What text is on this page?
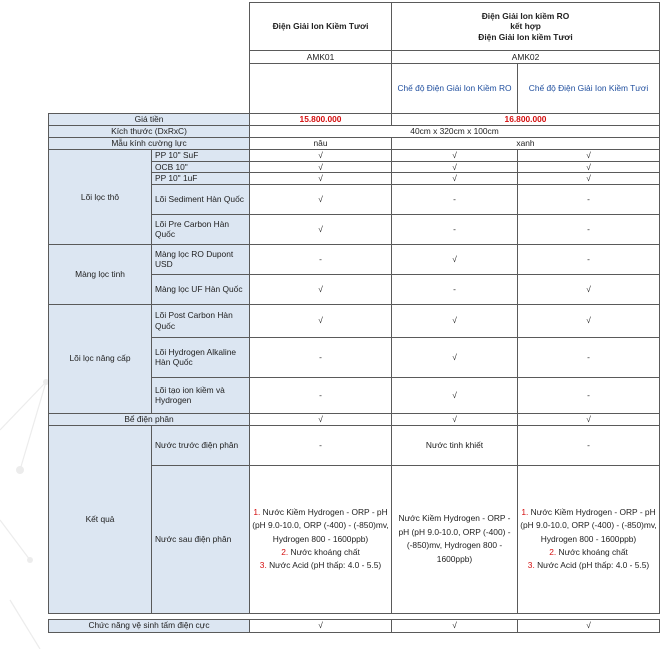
		Điện Giải Ion Kiềm Tươi	Điện Giải Ion kiềm RO
kết hợp
Điện Giải Ion kiềm Tươi	

		AMK01	AMK02	
			Chế độ Điện Giải Ion Kiềm RO	Chế độ Điện Giải Ion Kiềm Tươi
Giá tiền		15.800.000	16.800.000	
Kích thước (DxRxC)		40cm x 320cm x 100cm		
Mẫu kính cường lực		nâu	xanh	
Lõi lọc thô	PP 10" SuF	√	√	√
	OCB 10"	√	√	√
	PP 10" 1uF	√	√	√
	Lõi Sediment Hàn Quốc	√	-	-
	Lõi Pre Carbon Hàn Quốc	√	-	-
Màng lọc tinh	Màng lọc RO Dupont USD	-	√	-
	Màng lọc UF Hàn Quốc	√	-	√
Lõi lọc nâng cấp	Lõi Post Carbon Hàn Quốc	√	√	√
	Lõi Hydrogen Alkaline Hàn Quốc	-	√	-
	Lõi tạo ion kiềm và Hydrogen	-	√	-
Bể điện phân		√	√	√
Kết quả	Nước trước điện phân	-	Nước tinh khiết	-
	Nước sau điện phân	1. Nước Kiềm Hydrogen - ORP - pH (pH 9.0-10.0, ORP (-400) - (-850)mv, Hydrogen 800 - 1600ppb)
2. Nước khoáng chất
3. Nước Acid (pH thấp: 4.0 - 5.5)	Nước Kiềm Hydrogen - ORP - pH (pH 9.0-10.0, ORP (-400) - (-850)mv, Hydrogen 800 - 1600ppb)	1. Nước Kiềm Hydrogen - ORP - pH (pH 9.0-10.0, ORP (-400) - (-850)mv, Hydrogen 800 - 1600ppb)
2. Nước khoáng chất
3. Nước Acid (pH thấp: 4.0 - 5.5)

Chức năng vệ sinh tấm điện cực		√	√	√
